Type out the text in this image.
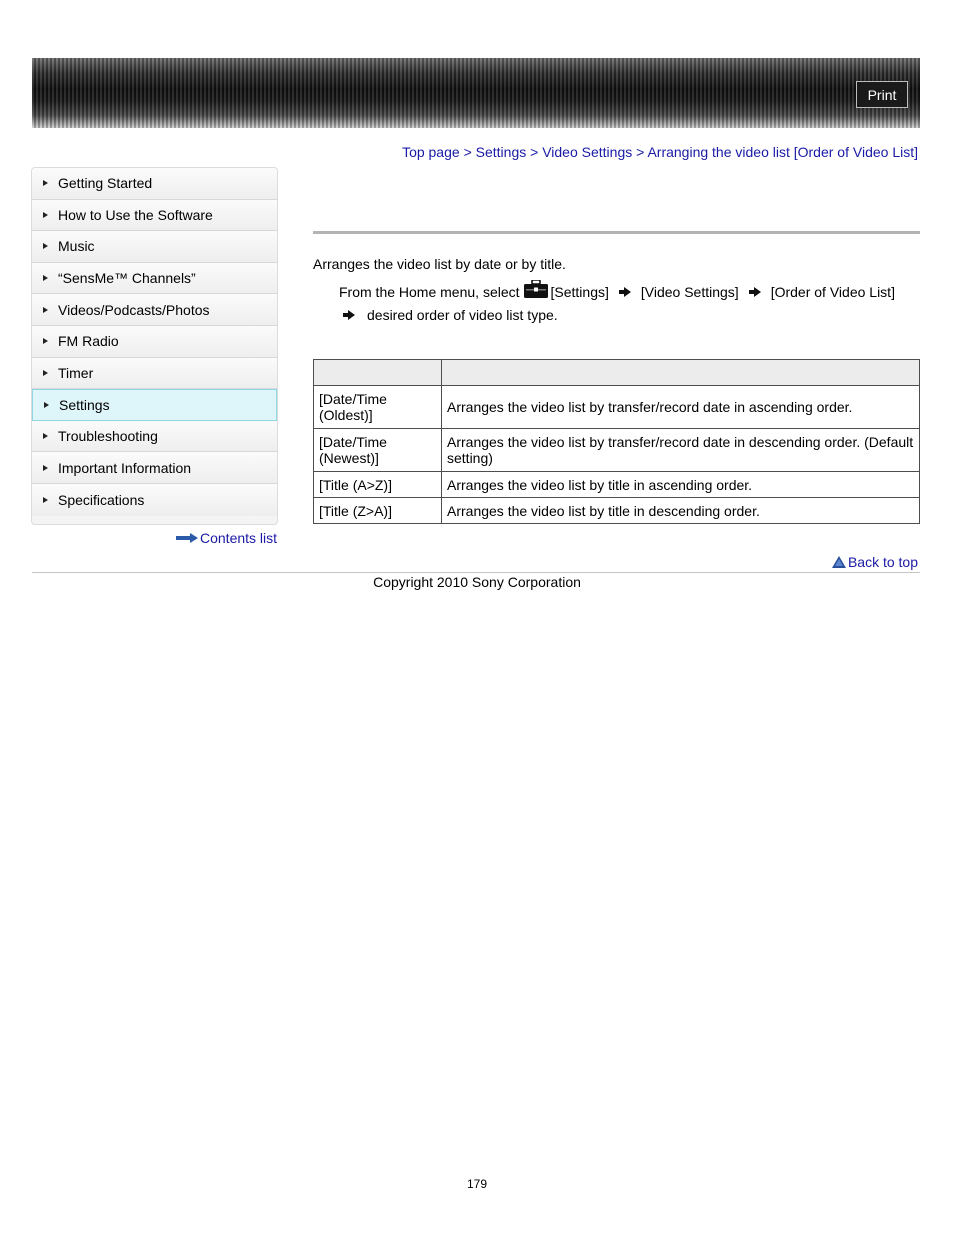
Print
Top page > Settings > Video Settings > Arranging the video list [Order of Video List]
Getting Started
How to Use the Software
Music
“SensMe™ Channels”
Videos/Podcasts/Photos
FM Radio
Timer
Settings
Troubleshooting
Important Information
Specifications
Contents list
Arranges the video list by date or by title.
From the Home menu, select [Settings] [Video Settings] [Order of Video List]
desired order of video list type.

[Date/Time (Oldest)]	Arranges the video list by transfer/record date in ascending order.
[Date/Time (Newest)]	Arranges the video list by transfer/record date in descending order. (Default setting)
[Title (A>Z)]	Arranges the video list by title in ascending order.
[Title (Z>A)]	Arranges the video list by title in descending order.
Back to top
Copyright 2010 Sony Corporation
179
